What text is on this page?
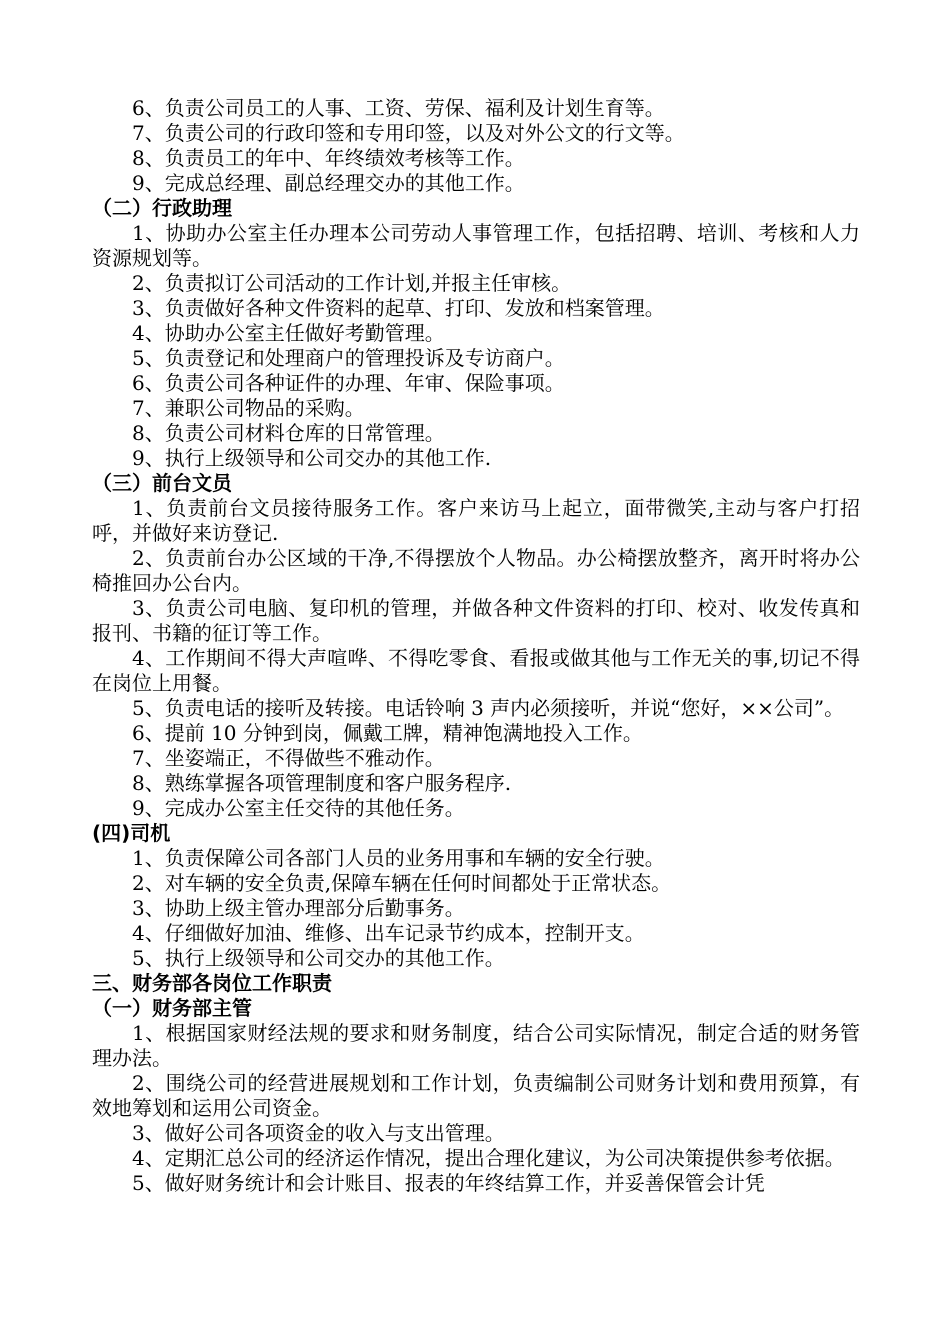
6、负责公司员工的人事、工资、劳保、福利及计划生育等。
7、负责公司的行政印签和专用印签，以及对外公文的行文等。
8、负责员工的年中、年终绩效考核等工作。
9、完成总经理、副总经理交办的其他工作。
（二）行政助理
1、协助办公室主任办理本公司劳动人事管理工作，包括招聘、培训、考核和人力资源规划等。
2、负责拟订公司活动的工作计划,并报主任审核。
3、负责做好各种文件资料的起草、打印、发放和档案管理。
4、协助办公室主任做好考勤管理。
5、负责登记和处理商户的管理投诉及专访商户。
6、负责公司各种证件的办理、年审、保险事项。
7、兼职公司物品的采购。
8、负责公司材料仓库的日常管理。
9、执行上级领导和公司交办的其他工作.
（三）前台文员
1、负责前台文员接待服务工作。客户来访马上起立，面带微笑,主动与客户打招呼，并做好来访登记.
2、负责前台办公区域的干净,不得摆放个人物品。办公椅摆放整齐，离开时将办公椅推回办公台内。
3、负责公司电脑、复印机的管理，并做各种文件资料的打印、校对、收发传真和报刊、书籍的征订等工作。
4、工作期间不得大声喧哗、不得吃零食、看报或做其他与工作无关的事,切记不得在岗位上用餐。
5、负责电话的接听及转接。电话铃响 3 声内必须接听，并说“您好，××公司”。
6、提前 10 分钟到岗，佩戴工牌，精神饱满地投入工作。
7、坐姿端正，不得做些不雅动作。
8、熟练掌握各项管理制度和客户服务程序.
9、完成办公室主任交待的其他任务。
(四)司机
1、负责保障公司各部门人员的业务用事和车辆的安全行驶。
2、对车辆的安全负责,保障车辆在任何时间都处于正常状态。
3、协助上级主管办理部分后勤事务。
4、仔细做好加油、维修、出车记录节约成本，控制开支。
5、执行上级领导和公司交办的其他工作。
三、财务部各岗位工作职责
（一）财务部主管
1、根据国家财经法规的要求和财务制度，结合公司实际情况，制定合适的财务管理办法。
2、围绕公司的经营进展规划和工作计划，负责编制公司财务计划和费用预算，有效地筹划和运用公司资金。
3、做好公司各项资金的收入与支出管理。
4、定期汇总公司的经济运作情况，提出合理化建议，为公司决策提供参考依据。
5、做好财务统计和会计账目、报表的年终结算工作，并妥善保管会计凭
